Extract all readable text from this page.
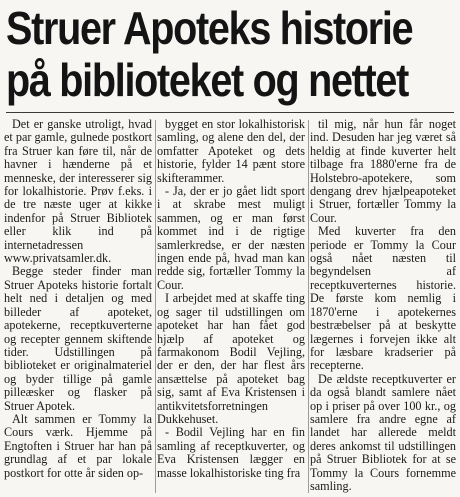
Struer Apoteks historie
på biblioteket og nettet

Det er ganske utroligt, hvad et par gamle, gulnede postkort fra Struer kan føre til, når de havner i hænderne på et menneske, der interesserer sig for lokalhistorie. Prøv f.eks. i de tre næste uger at kikke indenfor på Struer Bibliotek eller klik ind på internetadressen www.privatsamler.dk.

Begge steder finder man Struer Apoteks historie fortalt helt ned i detaljen og med billeder af apoteket, apotekerne, receptkuverterne og recepter gennem skiftende tider. Udstillingen på biblioteket er originalmateriel og byder tillige på gamle pilleæsker og flasker på Struer Apotek.

Alt sammen er Tommy la Cours værk. Hjemme på Engtoften i Struer har han på grundlag af et par lokale postkort for otte år siden op-

bygget en stor lokalhistorisk samling, og alene den del, der omfatter Apoteket og dets historie, fylder 14 pænt store skifterammer.

- Ja, der er jo gået lidt sport i at skrabe mest muligt sammen, og er man først kommet ind i de rigtige samlerkredse, er der næsten ingen ende på, hvad man kan redde sig, fortæller Tommy la Cour.

I arbejdet med at skaffe ting og sager til udstillingen om apoteket har han fået god hjælp af apoteket og farmakonom Bodil Vejling, der er den, der har flest års ansættelse på apoteket bag sig, samt af Eva Kristensen i antikvitetsforretningen Dukkehuset.

- Bodil Vejling har en fin samling af receptkuverter, og Eva Kristensen lægger en masse lokalhistoriske ting fra

til mig, når hun får noget ind. Desuden har jeg været så heldig at finde kuverter helt tilbage fra 1880'erne fra de Holstebro-apotekere, som dengang drev hjælpeapoteket i Struer, fortæller Tommy la Cour.

Med kuverter fra den periode er Tommy la Cour også nået næsten til begyndelsen af receptkuverternes historie. De første kom nemlig i 1870'erne i apotekernes bestræbelser på at beskytte lægernes i forvejen ikke alt for læsbare kradserier på recepterne.

De ældste receptkuverter er da også blandt samlere nået op i priser på over 100 kr., og samlere fra andre egne af landet har allerede meldt deres ankomst til udstillingen på Struer Bibliotek for at se Tommy la Cours fornemme samling.
